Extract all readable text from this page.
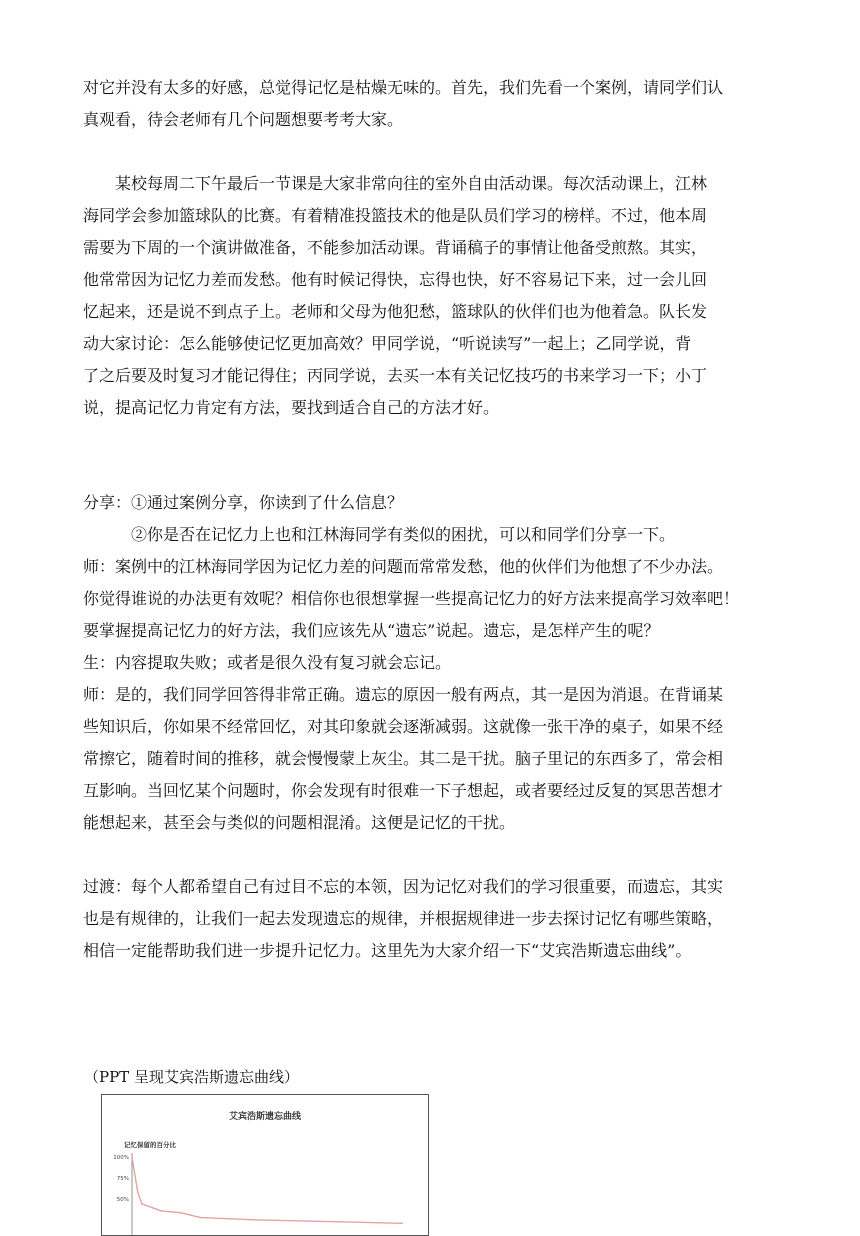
对它并没有太多的好感，总觉得记忆是枯燥无味的。首先，我们先看一个案例，请同学们认
真观看，待会老师有几个问题想要考考大家。
　　某校每周二下午最后一节课是大家非常向往的室外自由活动课。每次活动课上，江林
海同学会参加篮球队的比赛。有着精准投篮技术的他是队员们学习的榜样。不过，他本周
需要为下周的一个演讲做准备，不能参加活动课。背诵稿子的事情让他备受煎熬。其实，
他常常因为记忆力差而发愁。他有时候记得快，忘得也快，好不容易记下来，过一会儿回
忆起来，还是说不到点子上。老师和父母为他犯愁，篮球队的伙伴们也为他着急。队长发
动大家讨论：怎么能够使记忆更加高效？甲同学说，“听说读写”一起上；乙同学说，背
了之后要及时复习才能记得住；丙同学说，去买一本有关记忆技巧的书来学习一下；小丁
说，提高记忆力肯定有方法，要找到适合自己的方法才好。
分享：①通过案例分享，你读到了什么信息？
　　　②你是否在记忆力上也和江林海同学有类似的困扰，可以和同学们分享一下。
师：案例中的江林海同学因为记忆力差的问题而常常发愁，他的伙伴们为他想了不少办法。
你觉得谁说的办法更有效呢？相信你也很想掌握一些提高记忆力的好方法来提高学习效率吧！
要掌握提高记忆力的好方法，我们应该先从“遗忘”说起。遗忘，是怎样产生的呢？
生：内容提取失败；或者是很久没有复习就会忘记。
师：是的，我们同学回答得非常正确。遗忘的原因一般有两点，其一是因为消退。在背诵某
些知识后，你如果不经常回忆，对其印象就会逐渐减弱。这就像一张干净的桌子，如果不经
常擦它，随着时间的推移，就会慢慢蒙上灰尘。其二是干扰。脑子里记的东西多了，常会相
互影响。当回忆某个问题时，你会发现有时很难一下子想起，或者要经过反复的冥思苦想才
能想起来，甚至会与类似的问题相混淆。这便是记忆的干扰。
过渡：每个人都希望自己有过目不忘的本领，因为记忆对我们的学习很重要，而遗忘，其实
也是有规律的，让我们一起去发现遗忘的规律，并根据规律进一步去探讨记忆有哪些策略，
相信一定能帮助我们进一步提升记忆力。这里先为大家介绍一下“艾宾浩斯遗忘曲线”。
（PPT 呈现艾宾浩斯遗忘曲线）
艾宾浩斯遗忘曲线
记忆保留的百分比
100%
75%
50%
